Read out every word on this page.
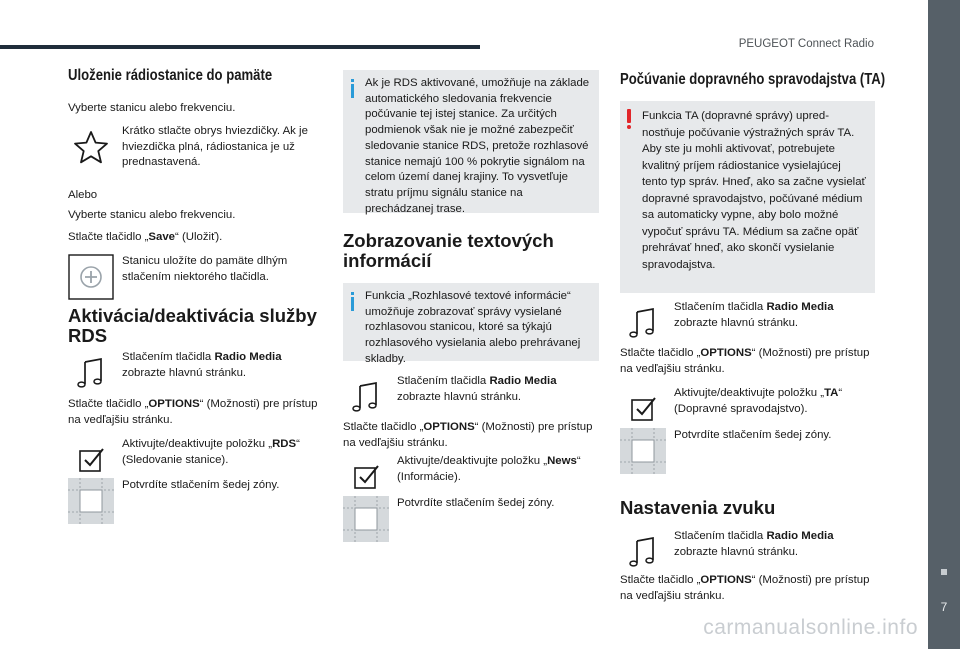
PEUGEOT Connect Radio
7
carmanualsonline.info
Uloženie rádiostanice do pamäte

Vyberte stanicu alebo frekvenciu.

Krátko stlačte obrys hviezdičky. Ak je hviezdička plná, rádiostanica je už prednastavená.

Alebo

Vyberte stanicu alebo frekvenciu.

Stlačte tlačidlo „Save“ (Uložiť).

Stanicu uložíte do pamäte dlhým stlačením niektorého tlačidla.

Aktivácia/deaktivácia služby RDS

Stlačením tlačidla Radio Media zobrazte hlavnú stránku.

Stlačte tlačidlo „OPTIONS“ (Možnosti) pre prístup na vedľajšiu stránku.

Aktivujte/deaktivujte položku „RDS“ (Sledovanie stanice).

Potvrdíte stlačením šedej zóny.

Ak je RDS aktivované, umožňuje na základe automatického sledovania frekvencie počúvanie tej istej stanice. Za určitých podmienok však nie je možné zabezpečiť sledovanie stanice RDS, pretože rozhlasové stanice nemajú 100 % pokrytie signálom na celom území danej krajiny. To vysvetľuje stratu príjmu signálu stanice na prechádzanej trase.

Zobrazovanie textových informácií

Funkcia „Rozhlasové textové informácie“ umožňuje zobrazovať správy vysielané rozhlasovou stanicou, ktoré sa týkajú rozhlasového vysielania alebo prehrávanej skladby.

Stlačením tlačidla Radio Media zobrazte hlavnú stránku.

Stlačte tlačidlo „OPTIONS“ (Možnosti) pre prístup na vedľajšiu stránku.

Aktivujte/deaktivujte položku „News“ (Informácie).

Potvrdíte stlačením šedej zóny.

Počúvanie dopravného spravodajstva (TA)

Funkcia TA (dopravné správy) uprednostňuje počúvanie výstražných správ TA. Aby ste ju mohli aktivovať, potrebujete kvalitný príjem rádiostanice vysielajúcej tento typ správ. Hneď, ako sa začne vysielať dopravné spravodajstvo, počúvané médium sa automaticky vypne, aby bolo možné vypočuť správu TA. Médium sa začne opäť prehrávať hneď, ako skončí vysielanie spravodajstva.

Stlačením tlačidla Radio Media zobrazte hlavnú stránku.

Stlačte tlačidlo „OPTIONS“ (Možnosti) pre prístup na vedľajšiu stránku.

Aktivujte/deaktivujte položku „TA“ (Dopravné spravodajstvo).

Potvrdíte stlačením šedej zóny.

Nastavenia zvuku

Stlačením tlačidla Radio Media zobrazte hlavnú stránku.

Stlačte tlačidlo „OPTIONS“ (Možnosti) pre prístup na vedľajšiu stránku.
